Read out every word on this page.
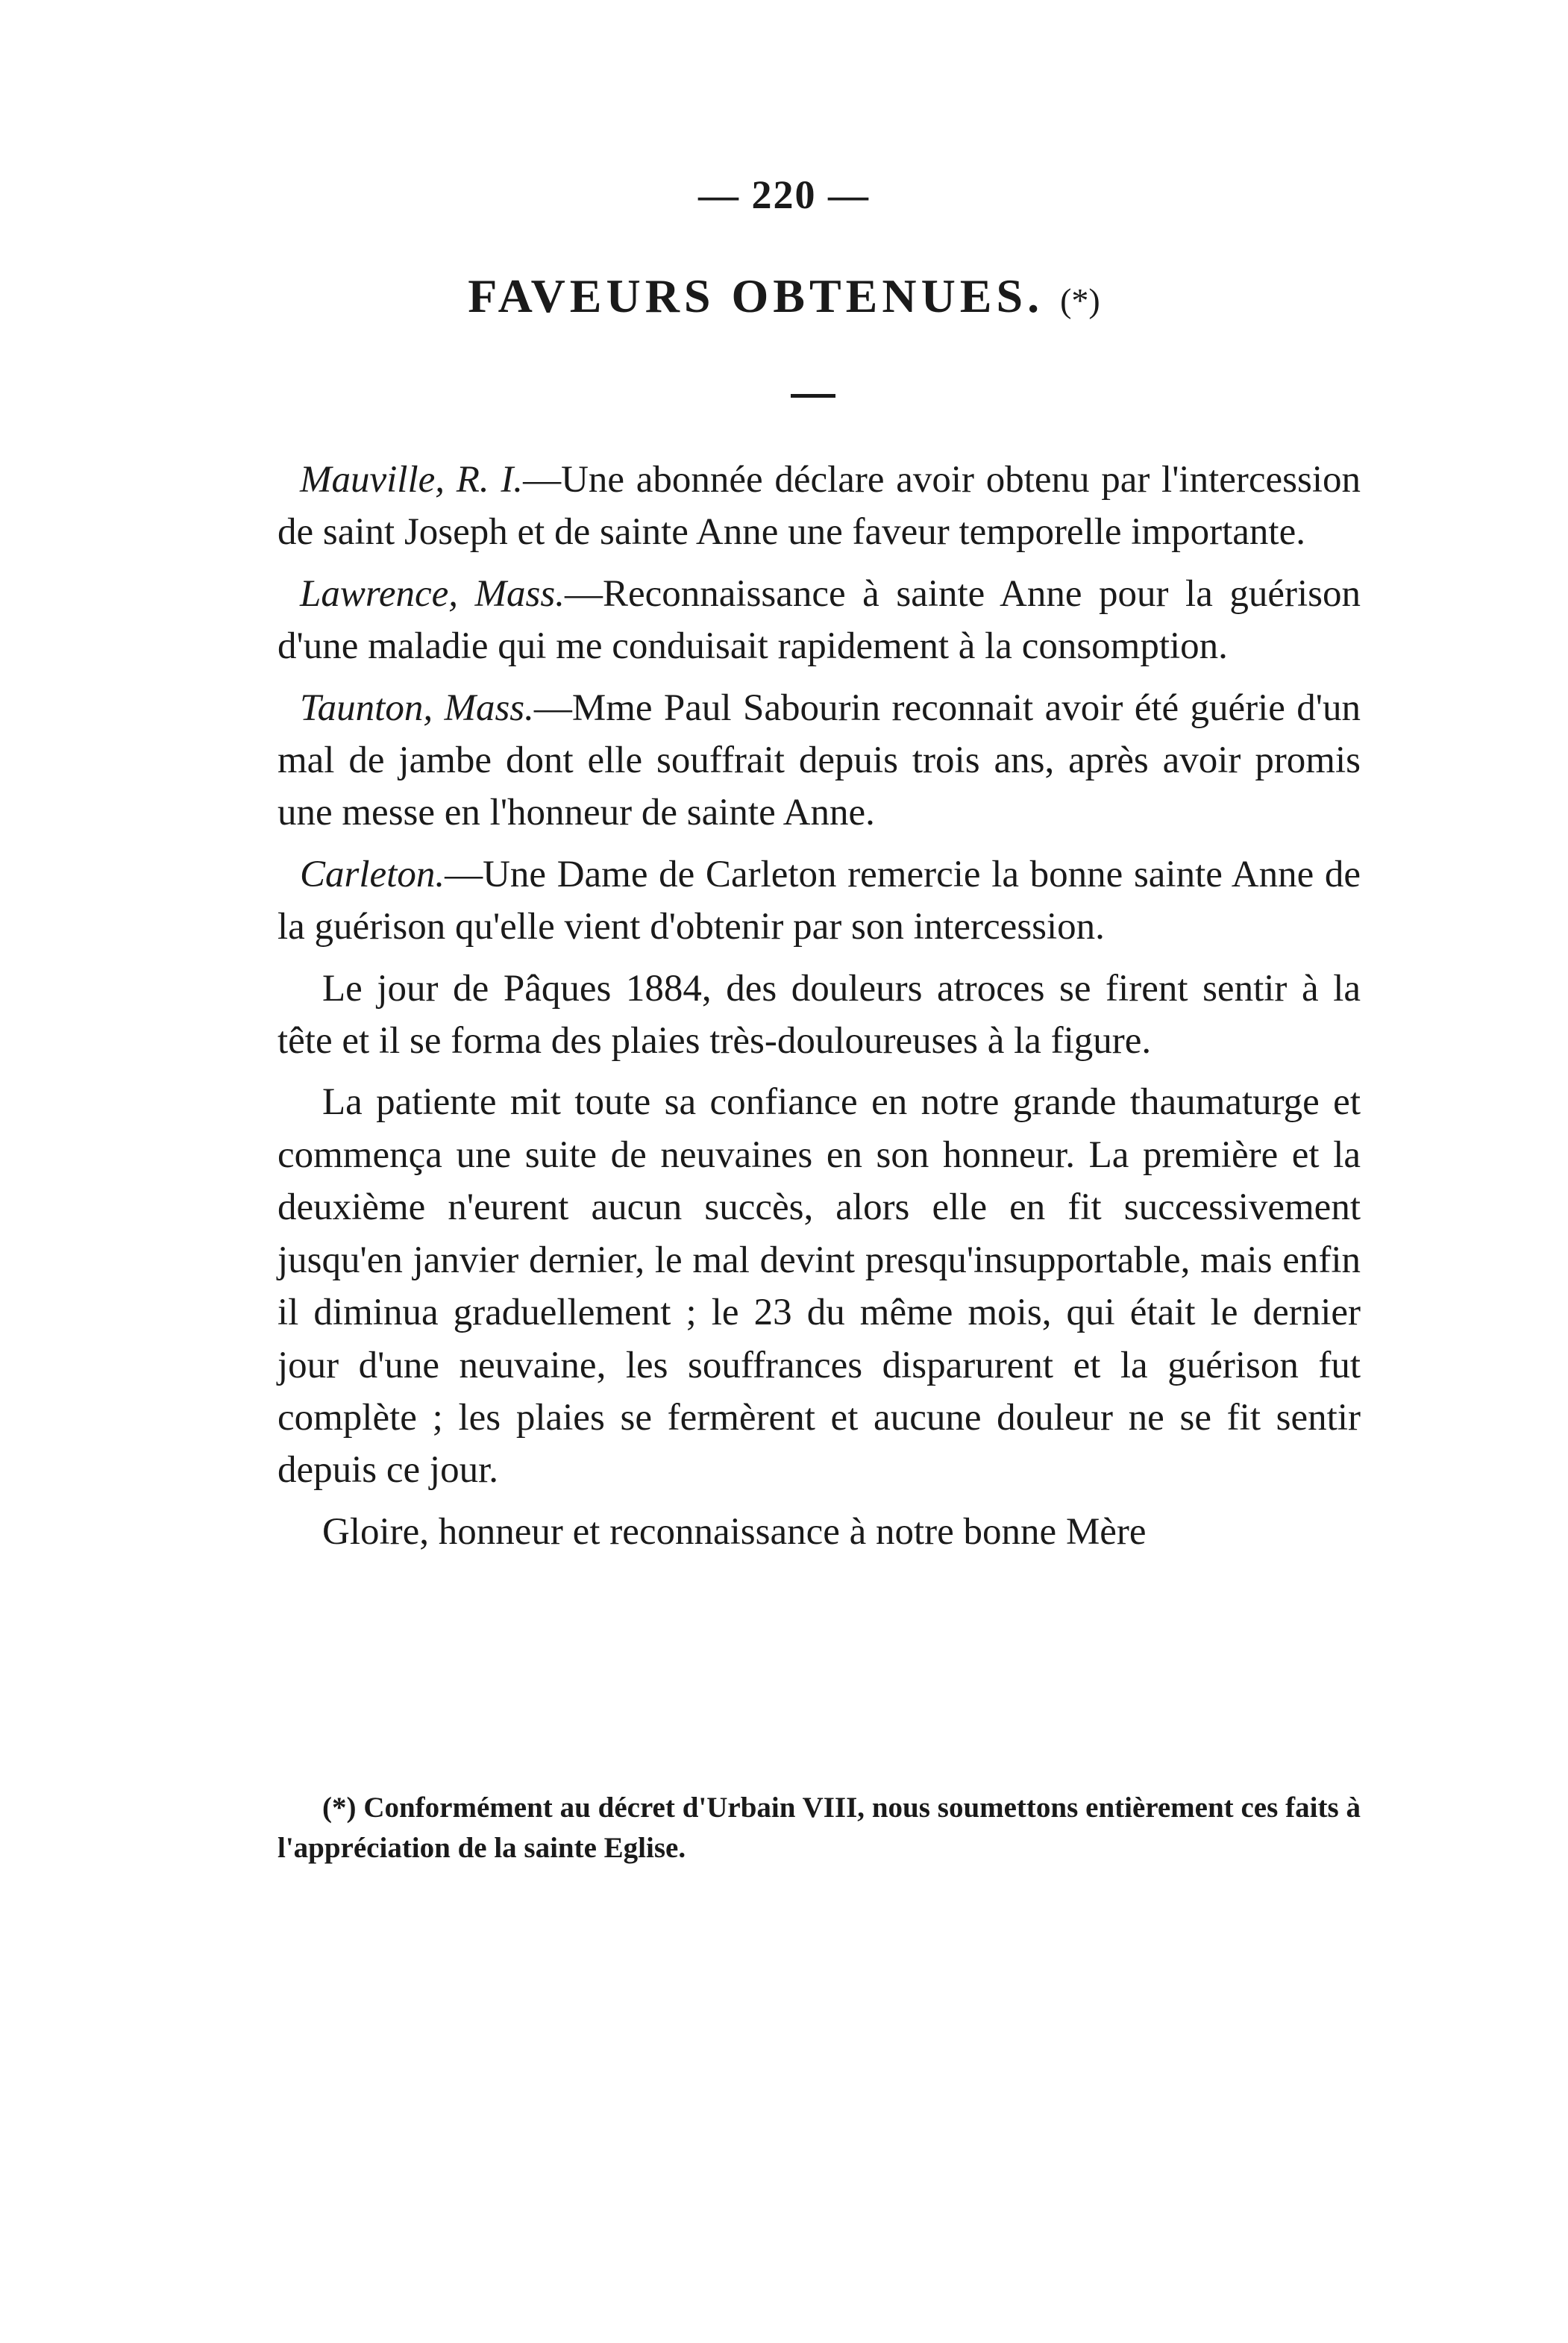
— 220 —
FAVEURS OBTENUES. (*)

Mauville, R. I.—Une abonnée déclare avoir obtenu par l'intercession de saint Joseph et de sainte Anne une faveur temporelle importante.

Lawrence, Mass.—Reconnaissance à sainte Anne pour la guérison d'une maladie qui me conduisait rapidement à la consomption.

Taunton, Mass.—Mme Paul Sabourin reconnait avoir été guérie d'un mal de jambe dont elle souffrait depuis trois ans, après avoir promis une messe en l'honneur de sainte Anne.

Carleton.—Une Dame de Carleton remercie la bonne sainte Anne de la guérison qu'elle vient d'obtenir par son intercession.

Le jour de Pâques 1884, des douleurs atroces se firent sentir à la tête et il se forma des plaies très-douloureuses à la figure.

La patiente mit toute sa confiance en notre grande thaumaturge et commença une suite de neuvaines en son honneur. La première et la deuxième n'eurent aucun succès, alors elle en fit successivement jusqu'en janvier dernier, le mal devint presqu'insupportable, mais enfin il diminua graduellement ; le 23 du même mois, qui était le dernier jour d'une neuvaine, les souffrances disparurent et la guérison fut complète ; les plaies se fermèrent et aucune douleur ne se fit sentir depuis ce jour.

Gloire, honneur et reconnaissance à notre bonne Mère

(*) Conformément au décret d'Urbain VIII, nous soumettons entièrement ces faits à l'appréciation de la sainte Eglise.
